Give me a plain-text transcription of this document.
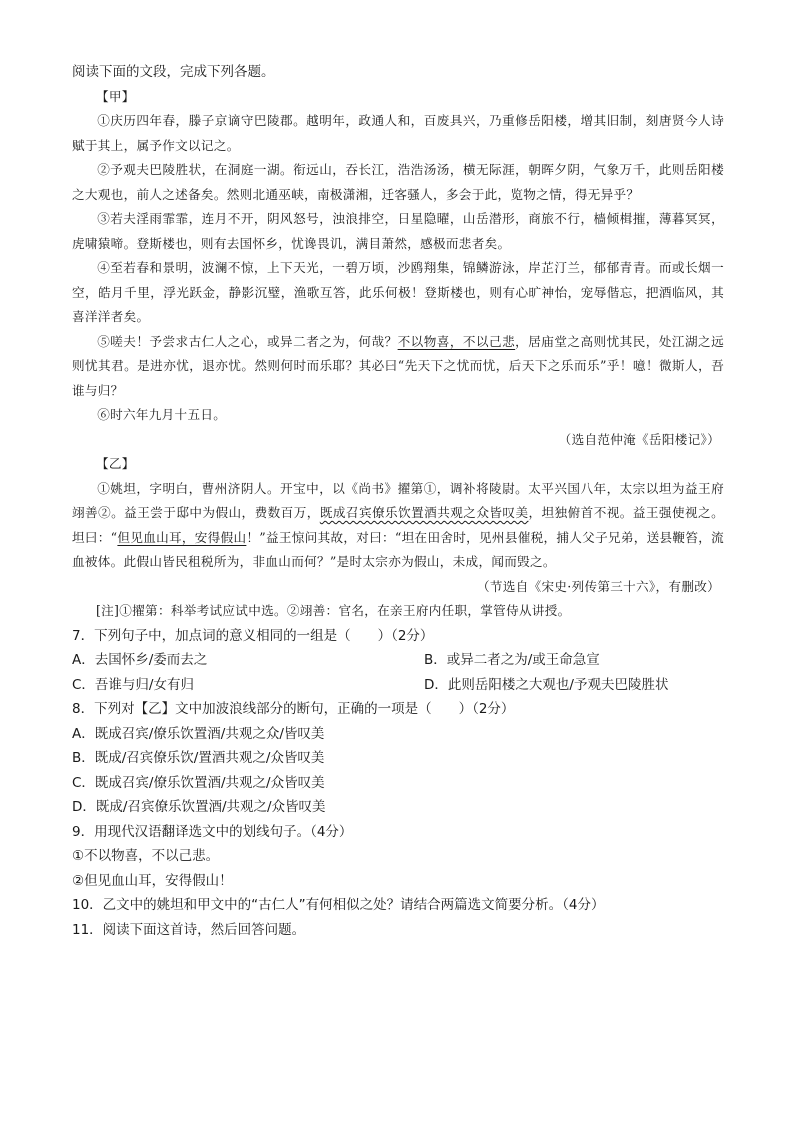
阅读下面的文段，完成下列各题。

【甲】

①庆历四年春，滕子京谪守巴陵郡。越明年，政通人和，百废具兴，乃重修岳阳楼，增其旧制，刻唐贤今人诗赋于其上，属予作文以记之。

②予观夫巴陵胜状，在洞庭一湖。衔远山，吞长江，浩浩汤汤，横无际涯，朝晖夕阴，气象万千，此则岳阳楼之大观也，前人之述备矣。然则北通巫峡，南极潇湘，迁客骚人，多会于此，览物之情，得无异乎？

③若夫淫雨霏霏，连月不开，阴风怒号，浊浪排空，日星隐曜，山岳潜形，商旅不行，樯倾楫摧，薄暮冥冥，虎啸猿啼。登斯楼也，则有去国怀乡，忧谗畏讥，满目萧然，感极而悲者矣。

④至若春和景明，波澜不惊，上下天光，一碧万顷，沙鸥翔集，锦鳞游泳，岸芷汀兰，郁郁青青。而或长烟一空，皓月千里，浮光跃金，静影沉璧，渔歌互答，此乐何极！登斯楼也，则有心旷神怡，宠辱偕忘，把酒临风，其喜洋洋者矣。

⑤嗟夫！予尝求古仁人之心，或异二者之为，何哉？不以物喜，不以己悲，居庙堂之高则忧其民，处江湖之远则忧其君。是进亦忧，退亦忧。然则何时而乐耶？其必曰“先天下之忧而忧，后天下之乐而乐”乎！噫！微斯人，吾谁与归？

⑥时六年九月十五日。

（选自范仲淹《岳阳楼记》）

【乙】

①姚坦，字明白，曹州济阴人。开宝中，以《尚书》擢第①，调补将陵尉。太平兴国八年，太宗以坦为益王府翊善②。益王尝于邸中为假山，费数百万，既成召宾僚乐饮置酒共观之众皆叹美，坦独俯首不视。益王强使视之。坦曰：“但见血山耳，安得假山！”益王惊问其故，对曰：“坦在田舍时，见州县催税，捕人父子兄弟，送县鞭笞，流血被体。此假山皆民租税所为，非血山而何？”是时太宗亦为假山，未成，闻而毁之。

（节选自《宋史·列传第三十六》，有删改）

[注]①擢第：科举考试应试中选。②翊善：官名，在亲王府内任职，掌管侍从讲授。

7．下列句子中，加点词的意义相同的一组是（　　）（2分）

A．去国怀乡/委而去之	B．或异二者之为/或王命急宣
C．吾谁与归/女有归	D．此则岳阳楼之大观也/予观夫巴陵胜状

8．下列对【乙】文中加波浪线部分的断句，正确的一项是（　　）（2分）

A．既成召宾/僚乐饮置酒/共观之众/皆叹美

B．既成/召宾僚乐饮/置酒共观之/众皆叹美

C．既成召宾/僚乐饮置酒/共观之/众皆叹美

D．既成/召宾僚乐饮置酒/共观之/众皆叹美

9．用现代汉语翻译选文中的划线句子。（4分）

①不以物喜，不以己悲。

②但见血山耳，安得假山！

10．乙文中的姚坦和甲文中的“古仁人”有何相似之处？请结合两篇选文简要分析。（4分）

11．阅读下面这首诗，然后回答问题。
